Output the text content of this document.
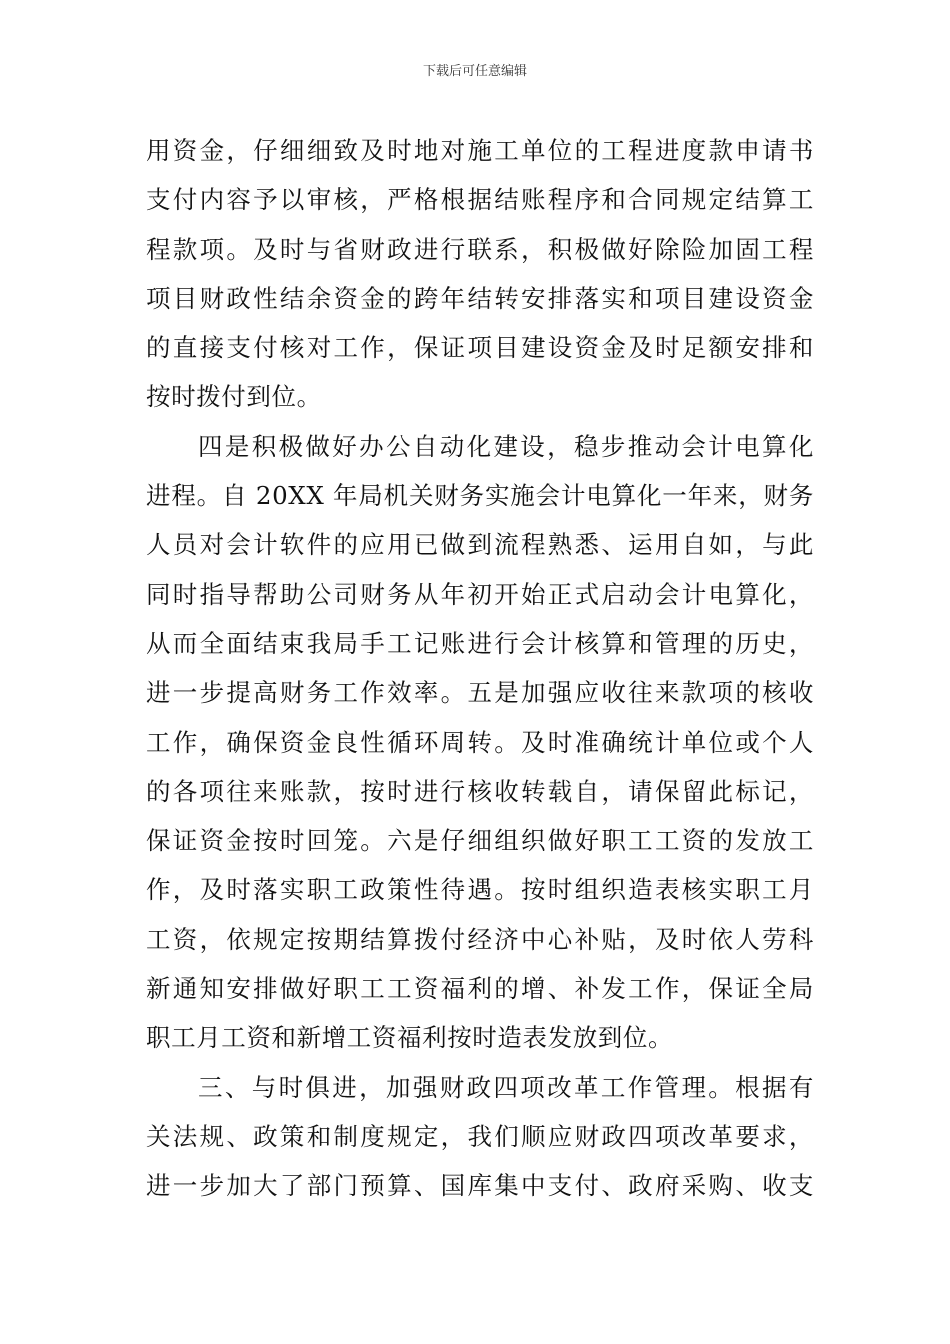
下载后可任意编辑
用资金，仔细细致及时地对施工单位的工程进度款申请书
支付内容予以审核，严格根据结账程序和合同规定结算工
程款项。及时与省财政进行联系，积极做好除险加固工程
项目财政性结余资金的跨年结转安排落实和项目建设资金
的直接支付核对工作，保证项目建设资金及时足额安排和
按时拨付到位。
四是积极做好办公自动化建设，稳步推动会计电算化
进程。自 20XX 年局机关财务实施会计电算化一年来，财务
人员对会计软件的应用已做到流程熟悉、运用自如，与此
同时指导帮助公司财务从年初开始正式启动会计电算化，
从而全面结束我局手工记账进行会计核算和管理的历史，
进一步提高财务工作效率。五是加强应收往来款项的核收
工作，确保资金良性循环周转。及时准确统计单位或个人
的各项往来账款，按时进行核收转载自，请保留此标记，
保证资金按时回笼。六是仔细组织做好职工工资的发放工
作，及时落实职工政策性待遇。按时组织造表核实职工月
工资，依规定按期结算拨付经济中心补贴，及时依人劳科
新通知安排做好职工工资福利的增、补发工作，保证全局
职工月工资和新增工资福利按时造表发放到位。
三、与时俱进，加强财政四项改革工作管理。根据有
关法规、政策和制度规定，我们顺应财政四项改革要求，
进一步加大了部门预算、国库集中支付、政府采购、收支
